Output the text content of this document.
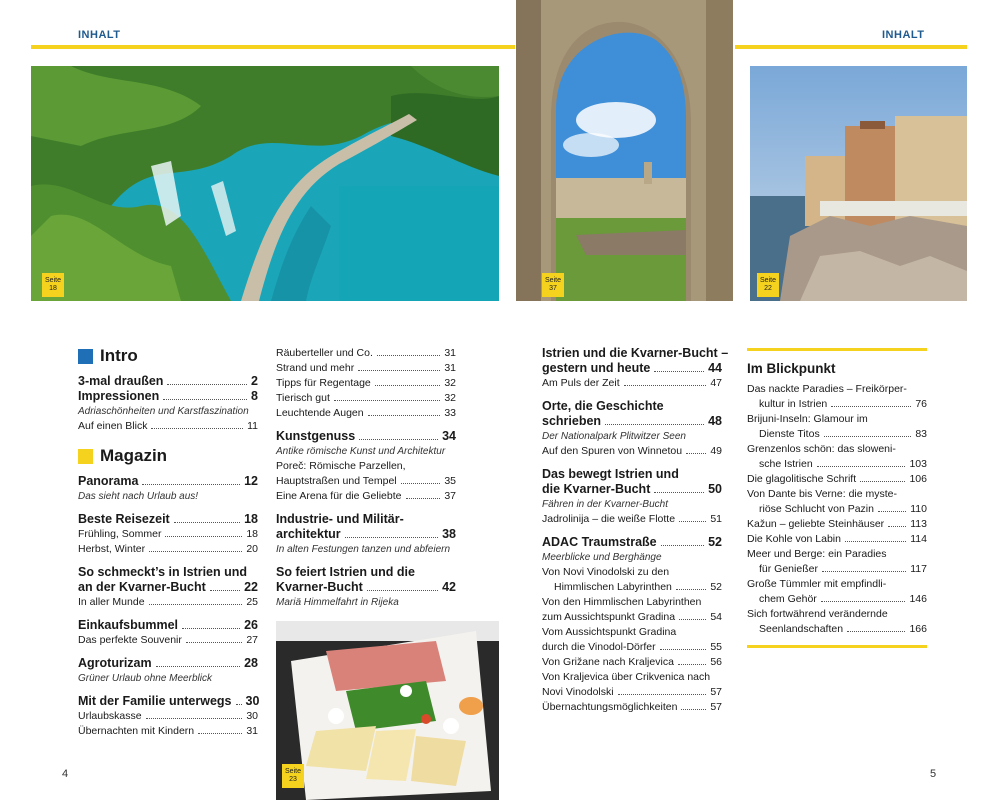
INHALT	INHALT
Seite
18
Seite
37
Seite
22
Seite
23
Intro
3-mal draußen	2
Impressionen	8
Adriaschönheiten und Karstfaszination
Auf einen Blick	11
Magazin
Panorama	12
Das sieht nach Urlaub aus!
Beste Reisezeit	18
Frühling, Sommer	18
Herbst, Winter	20
So schmeckt’s in Istrien und
an der Kvarner-Bucht	22
In aller Munde	25
Einkaufsbummel	26
Das perfekte Souvenir	27
Agroturizam	28
Grüner Urlaub ohne Meerblick
Mit der Familie unterwegs 30
Urlaubskasse	30
Übernachten mit Kindern	31
Räuberteller und Co.	31
Strand und mehr	31
Tipps für Regentage	32
Tierisch gut	32
Leuchtende Augen	33
Kunstgenuss	34
Antike römische Kunst und Architektur
Poreč: Römische Parzellen,
Hauptstraßen und Tempel	35
Eine Arena für die Geliebte	37
Industrie- und Militär-
architektur	38
In alten Festungen tanzen und abfeiern
So feiert Istrien und die
Kvarner-Bucht	42
Mariä Himmelfahrt in Rijeka
Istrien und die Kvarner-Bucht –
gestern und heute	44
Am Puls der Zeit	47
Orte, die Geschichte
schrieben	48
Der Nationalpark Plitwitzer Seen
Auf den Spuren von Winnetou	49
Das bewegt Istrien und
die Kvarner-Bucht	50
Fähren in der Kvarner-Bucht
Jadrolinija – die weiße Flotte	51
ADAC Traumstraße	52
Meerblicke und Berghänge
Von Novi Vinodolski zu den
Himmlischen Labyrinthen	52
Von den Himmlischen Labyrinthen
zum Aussichtspunkt Gradina	54
Vom Aussichtspunkt Gradina
durch die Vinodol-Dörfer	55
Von Grižane nach Kraljevica	56
Von Kraljevica über Crikvenica nach
Novi Vinodolski	57
Übernachtungsmöglichkeiten	57
Im Blickpunkt
Das nackte Paradies – Freikörper-
kultur in Istrien	76
Brijuni-Inseln: Glamour im
Dienste Titos	83
Grenzenlos schön: das sloweni-
sche Istrien	103
Die glagolitische Schrift	106
Von Dante bis Verne: die myste-
riöse Schlucht von Pazin	110
Kažun – geliebte Steinhäuser 113
Die Kohle von Labin	114
Meer und Berge: ein Paradies
für Genießer	117
Große Tümmler mit empfindli-
chem Gehör	146
Sich fortwährend verändernde
Seenlandschaften	166
4	5
